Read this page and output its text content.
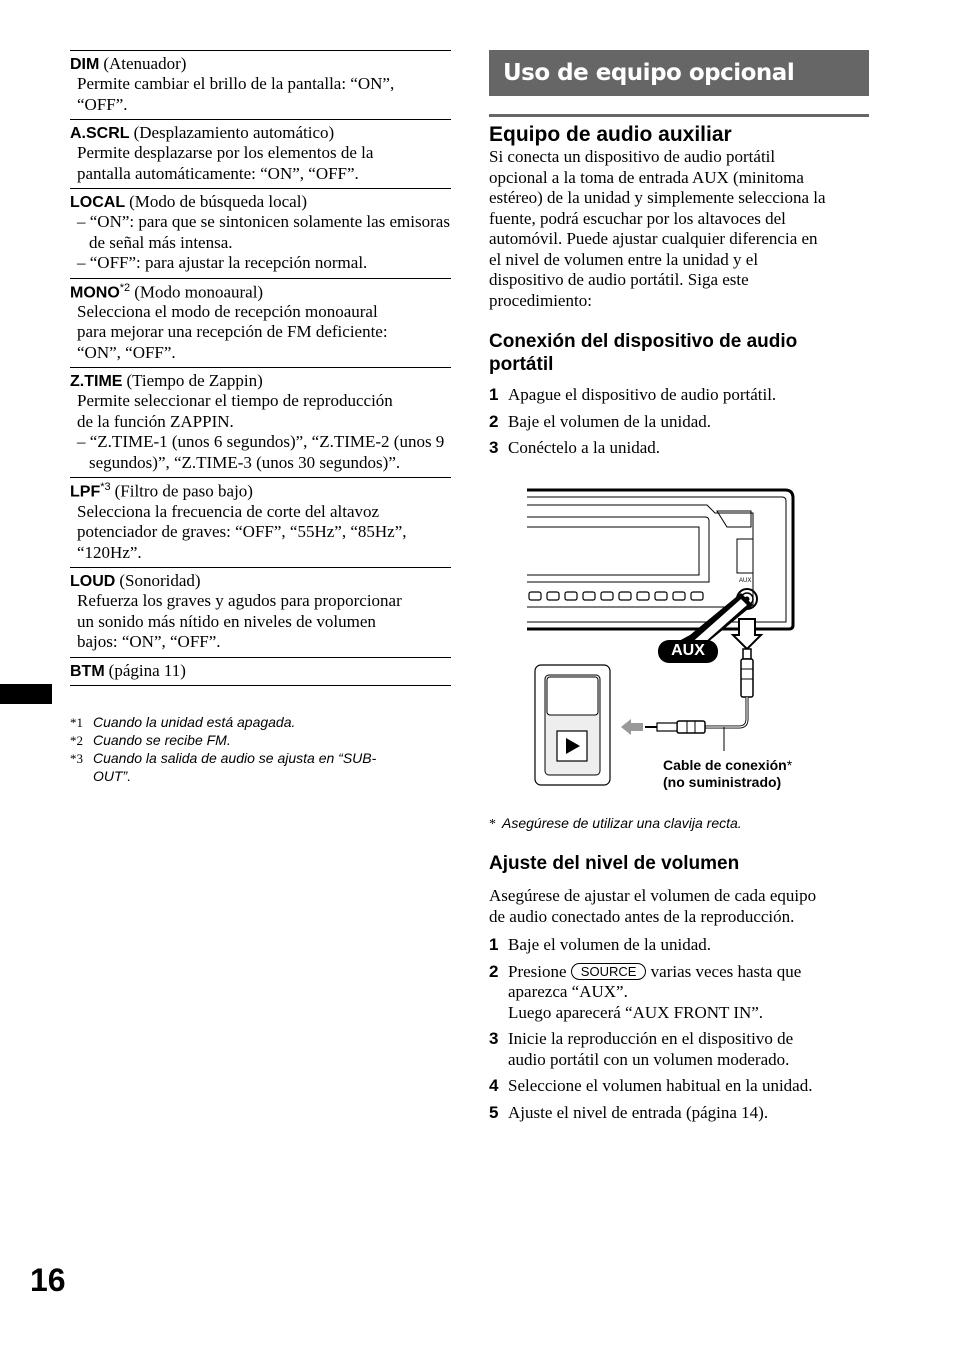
DIM (Atenuador)
Permite cambiar el brillo de la pantalla: “ON”,
“OFF”.
A.SCRL (Desplazamiento automático)
Permite desplazarse por los elementos de la
pantalla automáticamente: “ON”, “OFF”.
LOCAL (Modo de búsqueda local)
– “ON”: para que se sintonicen solamente las emisoras de señal más intensa.
– “OFF”: para ajustar la recepción normal.
MONO$^{*2}$ (Modo monoaural)
Selecciona el modo de recepción monoaural
para mejorar una recepción de FM deficiente:
“ON”, “OFF”.
Z.TIME (Tiempo de Zappin)
Permite seleccionar el tiempo de reproducción
de la función ZAPPIN.
– “Z.TIME-1 (unos 6 segundos)”, “Z.TIME-2 (unos 9 segundos)”, “Z.TIME-3 (unos 30 segundos)”.
LPF$^{*3}$ (Filtro de paso bajo)
Selecciona la frecuencia de corte del altavoz
potenciador de graves: “OFF”, “55Hz”, “85Hz”,
“120Hz”.
LOUD (Sonoridad)
Refuerza los graves y agudos para proporcionar
un sonido más nítido en niveles de volumen
bajos: “ON”, “OFF”.
BTM (página 11)
*1 Cuando la unidad está apagada.
*2 Cuando se recibe FM.
*3 Cuando la salida de audio se ajusta en “SUB-
OUT”.
16
Uso de equipo opcional
Equipo de audio auxiliar
Si conecta un dispositivo de audio portátil
opcional a la toma de entrada AUX (minitoma
estéreo) de la unidad y simplemente selecciona la
fuente, podrá escuchar por los altavoces del
automóvil. Puede ajustar cualquier diferencia en
el nivel de volumen entre la unidad y el
dispositivo de audio portátil. Siga este
procedimiento:
Conexión del dispositivo de audio
portátil
1 Apague el dispositivo de audio portátil.
2 Baje el volumen de la unidad.
3 Conéctelo a la unidad.
AUX
AUX
Cable de conexión*
(no suministrado)
* Asegúrese de utilizar una clavija recta.
Ajuste del nivel de volumen
Asegúrese de ajustar el volumen de cada equipo
de audio conectado antes de la reproducción.
1 Baje el volumen de la unidad.
2 Presione SOURCE varias veces hasta que
aparezca “AUX”.
Luego aparecerá “AUX FRONT IN”.
3 Inicie la reproducción en el dispositivo de
audio portátil con un volumen moderado.
4 Seleccione el volumen habitual en la unidad.
5 Ajuste el nivel de entrada (página 14).
